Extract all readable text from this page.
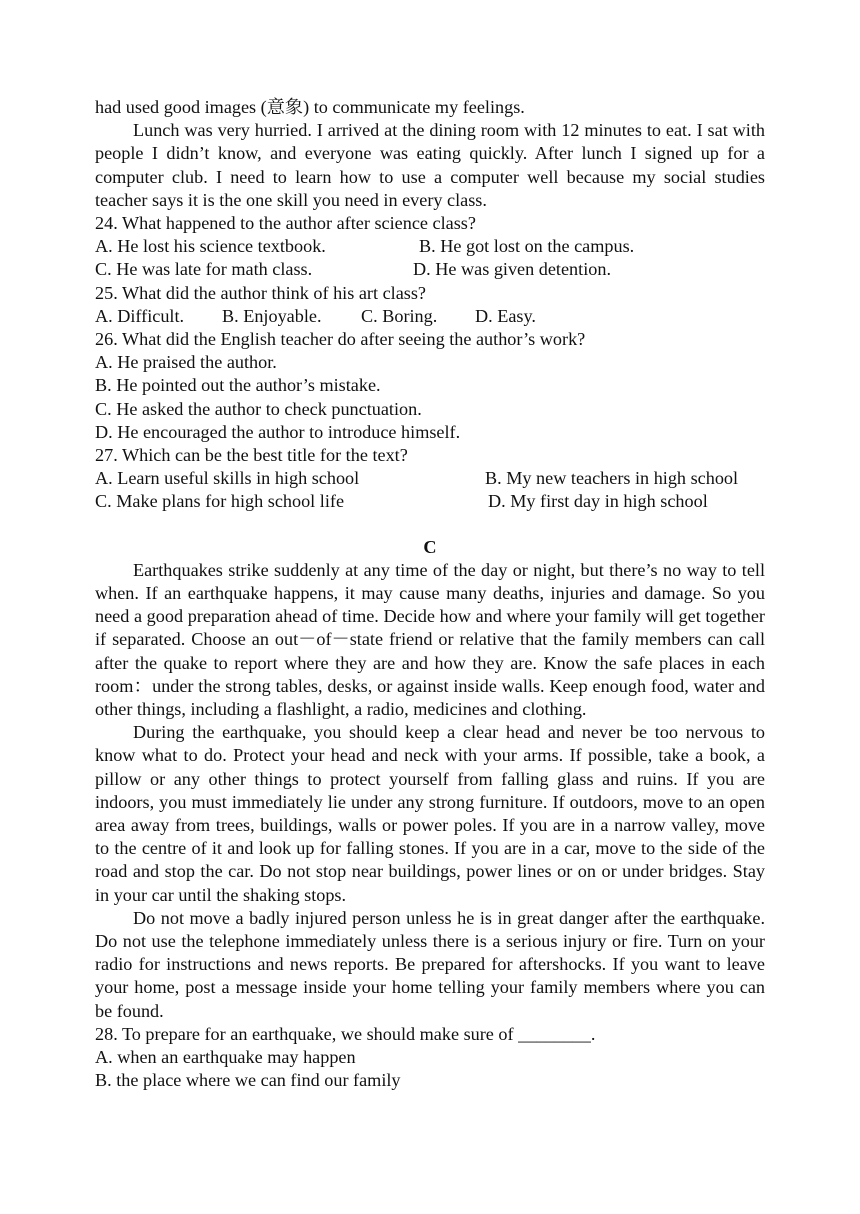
had used good images (意象) to communicate my feelings.

Lunch was very hurried. I arrived at the dining room with 12 minutes to eat. I sat with people I didn’t know, and everyone was eating quickly. After lunch I signed up for a computer club. I need to learn how to use a computer well because my social studies teacher says it is the one skill you need in every class.

24. What happened to the author after science class?

A. He lost his science textbook.	B. He got lost on the campus.
C. He was late for math class.	D. He was given detention.

25. What did the author think of his art class?

A. Difficult. B. Enjoyable. C. Boring. D. Easy.

26. What did the English teacher do after seeing the author’s work?

A. He praised the author.

B. He pointed out the author’s mistake.

C. He asked the author to check punctuation.

D. He encouraged the author to introduce himself.

27. Which can be the best title for the text?

A. Learn useful skills in high school	B. My new teachers in high school
C. Make plans for high school life	D. My first day in high school

C

Earthquakes strike suddenly at any time of the day or night, but there’s no way to tell when. If an earthquake happens, it may cause many deaths, injuries and damage. So you need a good preparation ahead of time. Decide how and where your family will get together if separated. Choose an out－of－state friend or relative that the family members can call after the quake to report where they are and how they are. Know the safe places in each room：under the strong tables, desks, or against inside walls. Keep enough food, water and other things, including a flashlight, a radio, medicines and clothing.

During the earthquake, you should keep a clear head and never be too nervous to know what to do. Protect your head and neck with your arms. If possible, take a book, a pillow or any other things to protect yourself from falling glass and ruins. If you are indoors, you must immediately lie under any strong furniture. If outdoors, move to an open area away from trees, buildings, walls or power poles. If you are in a narrow valley, move to the centre of it and look up for falling stones. If you are in a car, move to the side of the road and stop the car. Do not stop near buildings, power lines or on or under bridges. Stay in your car until the shaking stops.

Do not move a badly injured person unless he is in great danger after the earthquake. Do not use the telephone immediately unless there is a serious injury or fire. Turn on your radio for instructions and news reports. Be prepared for aftershocks. If you want to leave your home, post a message inside your home telling your family members where you can be found.

28. To prepare for an earthquake, we should make sure of ________.

A. when an earthquake may happen

B. the place where we can find our family
